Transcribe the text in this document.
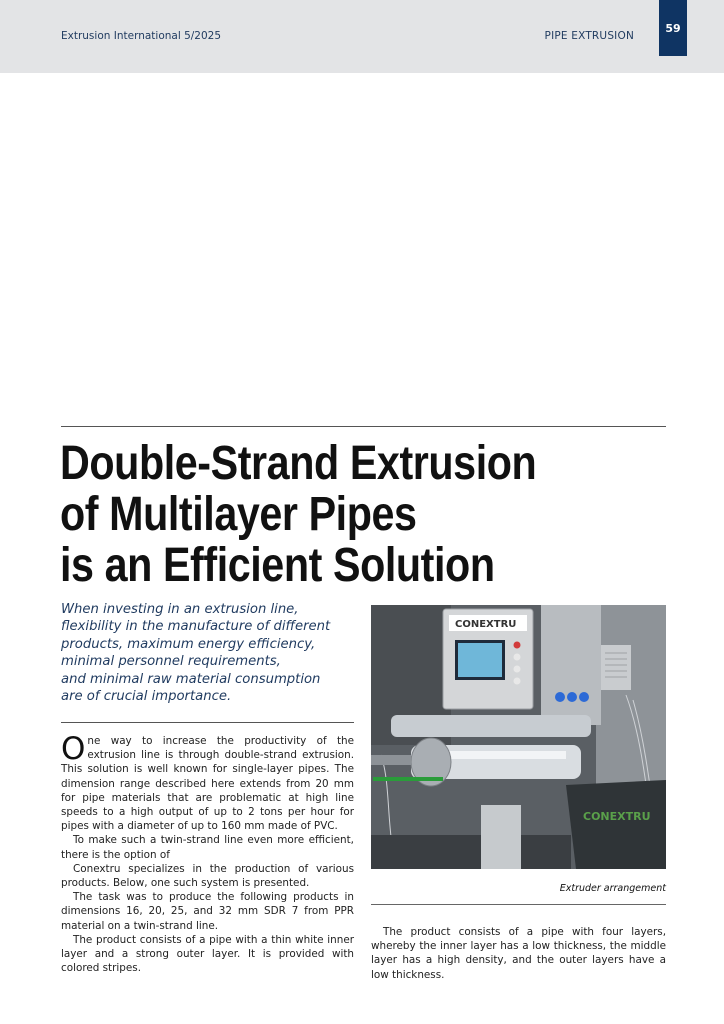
Extrusion International 5/2025	PIPE EXTRUSION
59
Double-Strand Extrusion
of Multilayer Pipes
is an Efficient Solution
When investing in an extrusion line,
flexibility in the manufacture of different
products, maximum energy efficiency,
minimal personnel requirements,
and minimal raw material consumption
are of crucial importance.

One way to increase the productivity of the extrusion line is through double-strand extrusion. This solution is well known for single-layer pipes. The dimension range described here extends from 20 mm for pipe materials that are problematic at high line speeds to a high output of up to 2 tons per hour for pipes with a diameter of up to 160 mm made of PVC.

To make such a twin-strand line even more efficient, there is the option of

Conextru specializes in the production of various products. Below, one such system is presented.

The task was to produce the following products in dimensions 16, 20, 25, and 32 mm SDR 7 from PPR material on a twin-strand line.

The product consists of a pipe with a thin white inner layer and a strong outer layer. It is provided with colored stripes.

CONEXTRU
CONEXTRU
Extruder arrangement

The product consists of a pipe with four layers, whereby the inner layer has a low thickness, the middle layer has a high density, and the outer layers have a low thickness.
